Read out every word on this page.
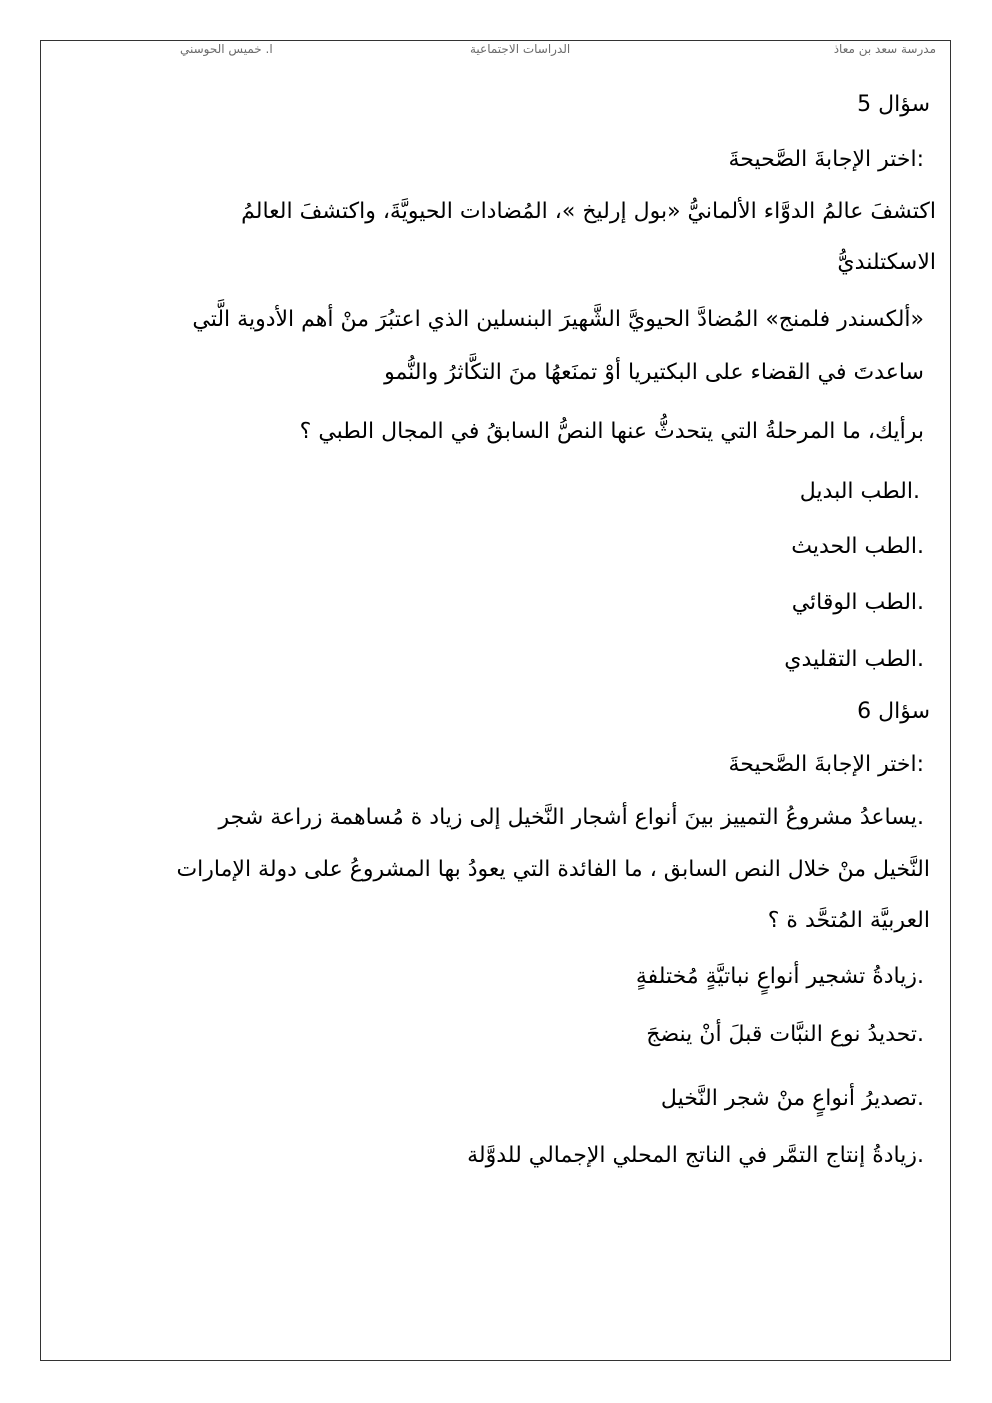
مدرسة سعد بن معاذ
الدراسات الاجتماعية
ا. خميس الحوسني
سؤال 5
:اختر الإجابةَ الصَّحيحةَ
اكتشفَ عالمُ الدوَّاء الألمانيُّ «بول إرليخ »، المُضادات الحيويَّةَ، واكتشفَ العالمُ
الاسكتلنديُّ
«ألكسندر فلمنج» المُضادَّ الحيويَّ الشَّهيرَ البنسلين الذي اعتبُرَ منْ أهم الأدوية الَّتي
ساعدتَ في القضاء على البكتيريا أوْ تمنَعهُا منَ التكَّاثرُ والنُّمو
برأيك، ما المرحلةُ التي يتحدثُّ عنها النصُّ السابقُ في المجال الطبي ؟
.الطب البديل
.الطب الحديث
.الطب الوقائي
.الطب التقليدي
سؤال 6
:اختر الإجابةَ الصَّحيحةَ
.يساعدُ مشروعُ التمييز بينَ أنواع أشجار النَّخيل إلى زياد ة مُساهمة زراعة شجر
النَّخيل منْ خلال النص السابق ، ما الفائدة التي يعودُ بها المشروعُ على دولة الإمارات
العربيَّة المُتحَّد ة ؟
.زيادةُ تشجير أنواعٍ نباتيَّةٍ مُختلفةٍ
.تحديدُ نوع النبَّات قبلَ أنْ ينضجَ
.تصديرُ أنواعٍ منْ شجر النَّخيل
.زيادةُ إنتاج التمَّر في الناتج المحلي الإجمالي للدوَّلة
